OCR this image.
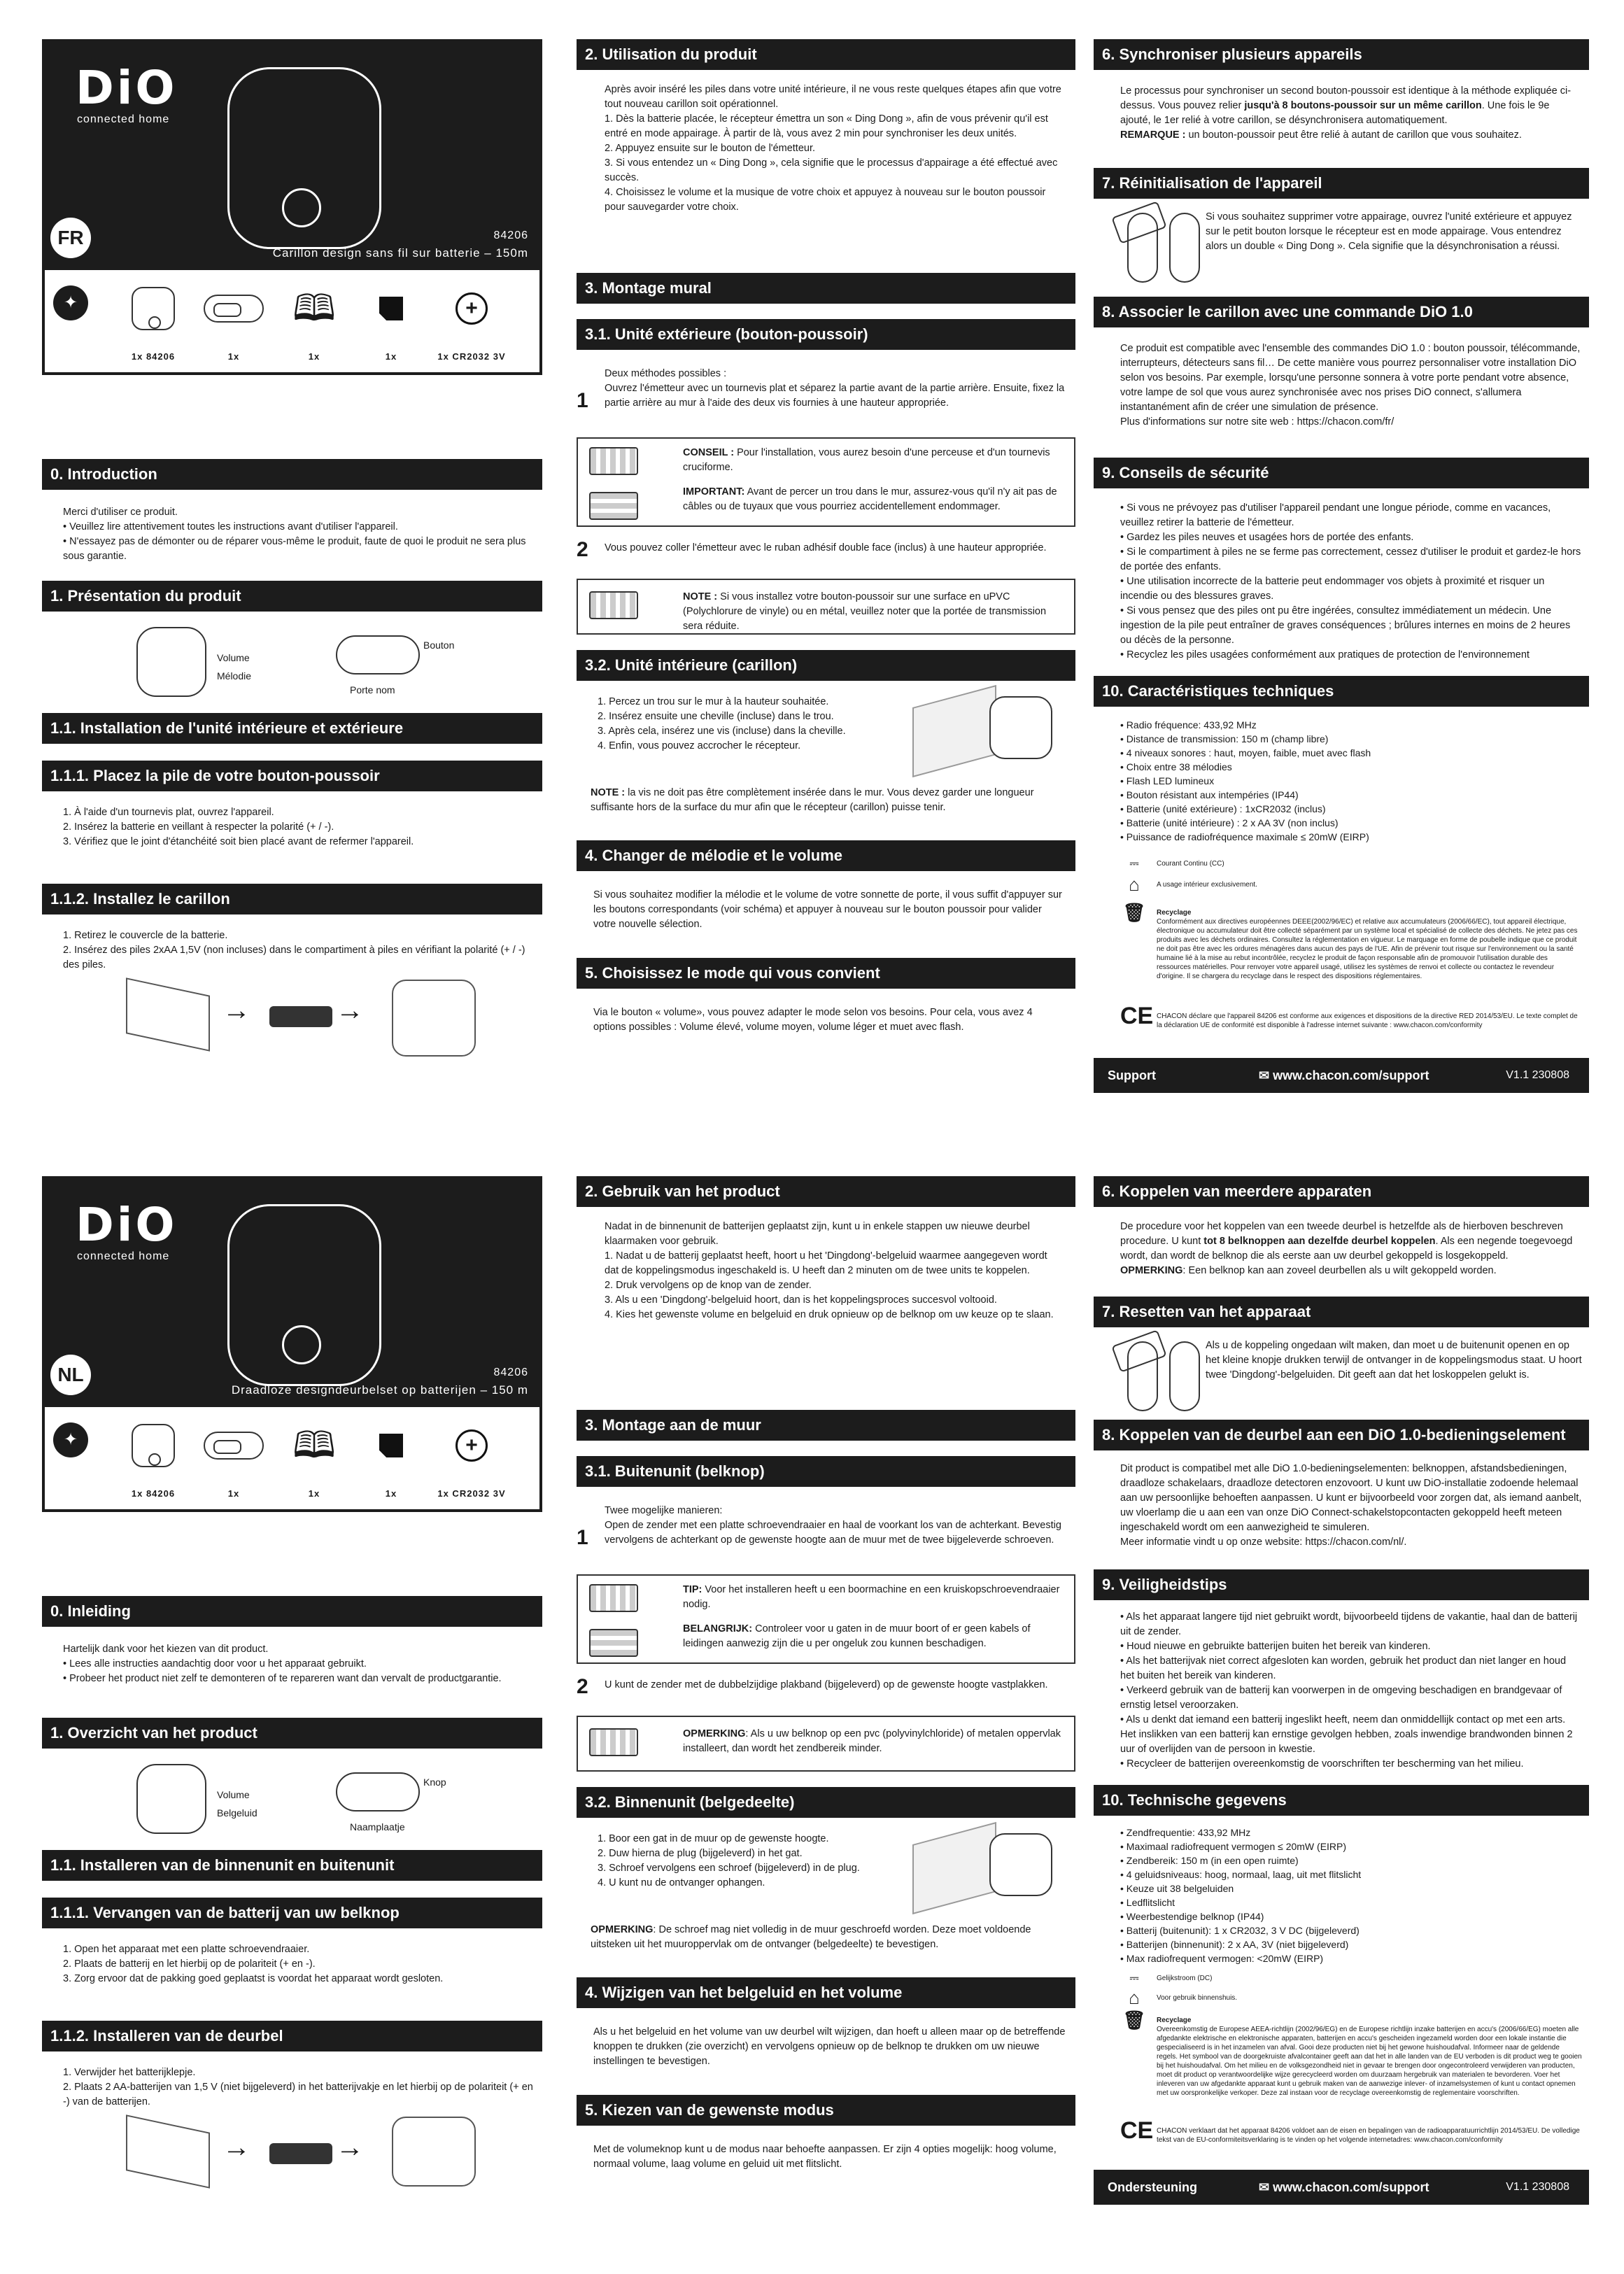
DiO
connected home
FR	84206
Carillon design sans fil sur batterie – 150m
✦
1x 84206	1x
🕮
1x	1x
+
1x CR2032 3V
0. Introduction

Merci d'utiliser ce produit.

• Veuillez lire attentivement toutes les instructions avant d'utiliser l'appareil.

• N'essayez pas de démonter ou de réparer vous-même le produit, faute de quoi le produit ne sera plus sous garantie.

1. Présentation du produit
Volume
Mélodie
Bouton
Porte nom
1.1. Installation de l'unité intérieure et extérieure
1.1.1. Placez la pile de votre bouton-poussoir

1. À l'aide d'un tournevis plat, ouvrez l'appareil.

2. Insérez la batterie en veillant à respecter la polarité (+ / -).

3. Vérifiez que le joint d'étanchéité soit bien placé avant de refermer l'appareil.

1.1.2. Installez le carillon

1. Retirez le couvercle de la batterie.

2. Insérez des piles 2xAA 1,5V (non incluses) dans le compartiment à piles en vérifiant la polarité (+ / -) des piles.

→	→
2. Utilisation du produit

Après avoir inséré les piles dans votre unité intérieure, il ne vous reste quelques étapes afin que votre tout nouveau carillon soit opérationnel.

1. Dès la batterie placée, le récepteur émettra un son « Ding Dong », afin de vous prévenir qu'il est entré en mode appairage. À partir de là, vous avez 2 min pour synchroniser les deux unités.

2. Appuyez ensuite sur le bouton de l'émetteur.

3. Si vous entendez un « Ding Dong », cela signifie que le processus d'appairage a été effectué avec succès.

4. Choisissez le volume et la musique de votre choix et appuyez à nouveau sur le bouton poussoir pour sauvegarder votre choix.

3. Montage mural
3.1. Unité extérieure (bouton-poussoir)

Deux méthodes possibles :

1

Ouvrez l'émetteur avec un tournevis plat et séparez la partie avant de la partie arrière. Ensuite, fixez la partie arrière au mur à l'aide des deux vis fournies à une hauteur appropriée.

CONSEIL : Pour l'installation, vous aurez besoin d'une perceuse et d'un tournevis cruciforme.

IMPORTANT: Avant de percer un trou dans le mur, assurez-vous qu'il n'y ait pas de câbles ou de tuyaux que vous pourriez accidentellement endommager.

2 Vous pouvez coller l'émetteur avec le ruban adhésif double face (inclus) à une hauteur appropriée.

NOTE : Si vous installez votre bouton-poussoir sur une surface en uPVC (Polychlorure de vinyle) ou en métal, veuillez noter que la portée de transmission sera réduite.

3.2. Unité intérieure (carillon)

1. Percez un trou sur le mur à la hauteur souhaitée.

2. Insérez ensuite une cheville (incluse) dans le trou.

3. Après cela, insérez une vis (incluse) dans la cheville.

4. Enfin, vous pouvez accrocher le récepteur.

NOTE : la vis ne doit pas être complètement insérée dans le mur. Vous devez garder une longueur suffisante hors de la surface du mur afin que le récepteur (carillon) puisse tenir.

4. Changer de mélodie et le volume

Si vous souhaitez modifier la mélodie et le volume de votre sonnette de porte, il vous suffit d'appuyer sur les boutons correspondants (voir schéma) et appuyer à nouveau sur le bouton poussoir pour valider votre nouvelle sélection.

5. Choisissez le mode qui vous convient

Via le bouton « volume», vous pouvez adapter le mode selon vos besoins. Pour cela, vous avez 4 options possibles : Volume élevé, volume moyen, volume léger et muet avec flash.

6. Synchroniser plusieurs appareils

Le processus pour synchroniser un second bouton-poussoir est identique à la méthode expliquée ci-dessus. Vous pouvez relier jusqu'à 8 boutons-poussoir sur un même carillon. Une fois le 9e ajouté, le 1er relié à votre carillon, se désynchronisera automatiquement.

REMARQUE : un bouton-poussoir peut être relié à autant de carillon que vous souhaitez.

7. Réinitialisation de l'appareil

Si vous souhaitez supprimer votre appairage, ouvrez l'unité extérieure et appuyez sur le petit bouton lorsque le récepteur est en mode appairage. Vous entendrez alors un double « Ding Dong ». Cela signifie que la désynchronisation a réussi.

8. Associer le carillon avec une commande DiO 1.0

Ce produit est compatible avec l'ensemble des commandes DiO 1.0 : bouton poussoir, télécommande, interrupteurs, détecteurs sans fil… De cette manière vous pourrez personnaliser votre installation DiO selon vos besoins. Par exemple, lorsqu'une personne sonnera à votre porte pendant votre absence, votre lampe de sol que vous aurez synchronisée avec nos prises DiO connect, s'allumera instantanément afin de créer une simulation de présence.

Plus d'informations sur notre site web : https://chacon.com/fr/

9. Conseils de sécurité

• Si vous ne prévoyez pas d'utiliser l'appareil pendant une longue période, comme en vacances, veuillez retirer la batterie de l'émetteur.

• Gardez les piles neuves et usagées hors de portée des enfants.

• Si le compartiment à piles ne se ferme pas correctement, cessez d'utiliser le produit et gardez-le hors de portée des enfants.

• Une utilisation incorrecte de la batterie peut endommager vos objets à proximité et risquer un incendie ou des blessures graves.

• Si vous pensez que des piles ont pu être ingérées, consultez immédiatement un médecin. Une ingestion de la pile peut entraîner de graves conséquences ; brûlures internes en moins de 2 heures ou décès de la personne.

• Recyclez les piles usagées conformément aux pratiques de protection de l'environnement

10. Caractéristiques techniques

• Radio fréquence: 433,92 MHz

• Distance de transmission: 150 m (champ libre)

• 4 niveaux sonores : haut, moyen, faible, muet avec flash

• Choix entre 38 mélodies

• Flash LED lumineux

• Bouton résistant aux intempéries (IP44)

• Batterie (unité extérieure) : 1xCR2032 (inclus)

• Batterie (unité intérieure) : 2 x AA 3V (non inclus)

• Puissance de radiofréquence maximale ≤ 20mW (EIRP)

⎓	Courant Continu (CC)
⌂	A usage intérieur exclusivement.
🗑	Recyclage

Conformément aux directives européennes DEEE(2002/96/EC) et relative aux accumulateurs (2006/66/EC), tout appareil électrique, électronique ou accumulateur doit être collecté séparément par un système local et spécialisé de collecte des déchets. Ne jetez pas ces produits avec les déchets ordinaires. Consultez la réglementation en vigueur. Le marquage en forme de poubelle indique que ce produit ne doit pas être avec les ordures ménagères dans aucun des pays de l'UE. Afin de prévenir tout risque sur l'environnement ou la santé humaine lié à la mise au rebut incontrôlée, recyclez le produit de façon responsable afin de promouvoir l'utilisation durable des ressources matérielles. Pour renvoyer votre appareil usagé, utilisez les systèmes de renvoi et collecte ou contactez le revendeur d'origine. Il se chargera du recyclage dans le respect des dispositions réglementaires.

CE CHACON déclare que l'appareil 84206 est conforme aux exigences et dispositions de la directive RED 2014/53/EU. Le texte complet de la déclaration UE de conformité est disponible à l'adresse internet suivante : www.chacon.com/conformity

Support	✉ www.chacon.com/support	V1.1 230808
DiO
connected home
NL	84206
Draadloze designdeurbelset op batterijen – 150 m
✦
1x 84206	1x
🕮
1x	1x
+
1x CR2032 3V
0. Inleiding

Hartelijk dank voor het kiezen van dit product.

• Lees alle instructies aandachtig door voor u het apparaat gebruikt.

• Probeer het product niet zelf te demonteren of te repareren want dan vervalt de productgarantie.

1. Overzicht van het product
Volume
Belgeluid
Knop
Naamplaatje
1.1. Installeren van de binnenunit en buitenunit
1.1.1. Vervangen van de batterij van uw belknop

1. Open het apparaat met een platte schroevendraaier.

2. Plaats de batterij en let hierbij op de polariteit (+ en -).

3. Zorg ervoor dat de pakking goed geplaatst is voordat het apparaat wordt gesloten.

1.1.2. Installeren van de deurbel

1. Verwijder het batterijklepje.

2. Plaats 2 AA-batterijen van 1,5 V (niet bijgeleverd) in het batterijvakje en let hierbij op de polariteit (+ en -) van de batterijen.

→	→
2. Gebruik van het product

Nadat in de binnenunit de batterijen geplaatst zijn, kunt u in enkele stappen uw nieuwe deurbel klaarmaken voor gebruik.

1. Nadat u de batterij geplaatst heeft, hoort u het 'Dingdong'-belgeluid waarmee aangegeven wordt dat de koppelingsmodus ingeschakeld is. U heeft dan 2 minuten om de twee units te koppelen.

2. Druk vervolgens op de knop van de zender.

3. Als u een 'Dingdong'-belgeluid hoort, dan is het koppelingsproces succesvol voltooid.

4. Kies het gewenste volume en belgeluid en druk opnieuw op de belknop om uw keuze op te slaan.

3. Montage aan de muur
3.1. Buitenunit (belknop)

Twee mogelijke manieren:

1

Open de zender met een platte schroevendraaier en haal de voorkant los van de achterkant. Bevestig vervolgens de achterkant op de gewenste hoogte aan de muur met de twee bijgeleverde schroeven.

TIP: Voor het installeren heeft u een boormachine en een kruiskopschroevendraaier nodig.

BELANGRIJK: Controleer voor u gaten in de muur boort of er geen kabels of leidingen aanwezig zijn die u per ongeluk zou kunnen beschadigen.

2 U kunt de zender met de dubbelzijdige plakband (bijgeleverd) op de gewenste hoogte vastplakken.

OPMERKING: Als u uw belknop op een pvc (polyvinylchloride) of metalen oppervlak installeert, dan wordt het zendbereik minder.

3.2. Binnenunit (belgedeelte)

1. Boor een gat in de muur op de gewenste hoogte.

2. Duw hierna de plug (bijgeleverd) in het gat.

3. Schroef vervolgens een schroef (bijgeleverd) in de plug.

4. U kunt nu de ontvanger ophangen.

OPMERKING: De schroef mag niet volledig in de muur geschroefd worden. Deze moet voldoende uitsteken uit het muuroppervlak om de ontvanger (belgedeelte) te bevestigen.

4. Wijzigen van het belgeluid en het volume

Als u het belgeluid en het volume van uw deurbel wilt wijzigen, dan hoeft u alleen maar op de betreffende knoppen te drukken (zie overzicht) en vervolgens opnieuw op de belknop te drukken om uw nieuwe instellingen te bevestigen.

5. Kiezen van de gewenste modus

Met de volumeknop kunt u de modus naar behoefte aanpassen. Er zijn 4 opties mogelijk: hoog volume, normaal volume, laag volume en geluid uit met flitslicht.

6. Koppelen van meerdere apparaten

De procedure voor het koppelen van een tweede deurbel is hetzelfde als de hierboven beschreven procedure. U kunt tot 8 belknoppen aan dezelfde deurbel koppelen. Als een negende toegevoegd wordt, dan wordt de belknop die als eerste aan uw deurbel gekoppeld is losgekoppeld.

OPMERKING: Een belknop kan aan zoveel deurbellen als u wilt gekoppeld worden.

7. Resetten van het apparaat

Als u de koppeling ongedaan wilt maken, dan moet u de buitenunit openen en op het kleine knopje drukken terwijl de ontvanger in de koppelingsmodus staat. U hoort twee 'Dingdong'-belgeluiden. Dit geeft aan dat het loskoppelen gelukt is.

8. Koppelen van de deurbel aan een DiO 1.0-bedieningselement

Dit product is compatibel met alle DiO 1.0-bedieningselementen: belknoppen, afstandsbedieningen, draadloze schakelaars, draadloze detectoren enzovoort. U kunt uw DiO-installatie zodoende helemaal aan uw persoonlijke behoeften aanpassen. U kunt er bijvoorbeeld voor zorgen dat, als iemand aanbelt, uw vloerlamp die u aan een van onze DiO Connect-schakelstopcontacten gekoppeld heeft meteen ingeschakeld wordt om een aanwezigheid te simuleren.

Meer informatie vindt u op onze website: https://chacon.com/nl/.

9. Veiligheidstips

• Als het apparaat langere tijd niet gebruikt wordt, bijvoorbeeld tijdens de vakantie, haal dan de batterij uit de zender.

• Houd nieuwe en gebruikte batterijen buiten het bereik van kinderen.

• Als het batterijvak niet correct afgesloten kan worden, gebruik het product dan niet langer en houd het buiten het bereik van kinderen.

• Verkeerd gebruik van de batterij kan voorwerpen in de omgeving beschadigen en brandgevaar of ernstig letsel veroorzaken.

• Als u denkt dat iemand een batterij ingeslikt heeft, neem dan onmiddellijk contact op met een arts. Het inslikken van een batterij kan ernstige gevolgen hebben, zoals inwendige brandwonden binnen 2 uur of overlijden van de persoon in kwestie.

• Recycleer de batterijen overeenkomstig de voorschriften ter bescherming van het milieu.

10. Technische gegevens

• Zendfrequentie: 433,92 MHz

• Maximaal radiofrequent vermogen ≤ 20mW (EIRP)

• Zendbereik: 150 m (in een open ruimte)

• 4 geluidsniveaus: hoog, normaal, laag, uit met flitslicht

• Keuze uit 38 belgeluiden

• Ledflitslicht

• Weerbestendige belknop (IP44)

• Batterij (buitenunit): 1 x CR2032, 3 V DC (bijgeleverd)

• Batterijen (binnenunit): 2 x AA, 3V (niet bijgeleverd)

• Max radiofrequent vermogen: <20mW (EIRP)

⎓	Gelijkstroom (DC)
⌂	Voor gebruik binnenshuis.
🗑	Recyclage

Overeenkomstig de Europese AEEA-richtlijn (2002/96/EG) en de Europese richtlijn inzake batterijen en accu's (2006/66/EG) moeten alle afgedankte elektrische en elektronische apparaten, batterijen en accu's gescheiden ingezameld worden door een lokale instantie die gespecialiseerd is in het inzamelen van afval. Gooi deze producten niet bij het gewone huishoudafval. Informeer naar de geldende regels. Het symbool van de doorgekruiste afvalcontainer geeft aan dat het in alle landen van de EU verboden is dit product weg te gooien bij het huishoudafval. Om het milieu en de volksgezondheid niet in gevaar te brengen door ongecontroleerd verwijderen van producten, moet dit product op verantwoordelijke wijze gerecycleerd worden om duurzaam hergebruik van materialen te bevorderen. Voer het inleveren van uw afgedankte apparaat kunt u gebruik maken van de aanwezige inlever- of inzamelsystemen of kunt u contact opnemen met uw oorspronkelijke verkoper. Deze zal instaan voor de recyclage overeenkomstig de reglementaire voorschriften.

CE CHACON verklaart dat het apparaat 84206 voldoet aan de eisen en bepalingen van de radioapparatuurrichtlijn 2014/53/EU. De volledige tekst van de EU-conformiteitsverklaring is te vinden op het volgende internetadres: www.chacon.com/conformity

Ondersteuning	✉ www.chacon.com/support	V1.1 230808
